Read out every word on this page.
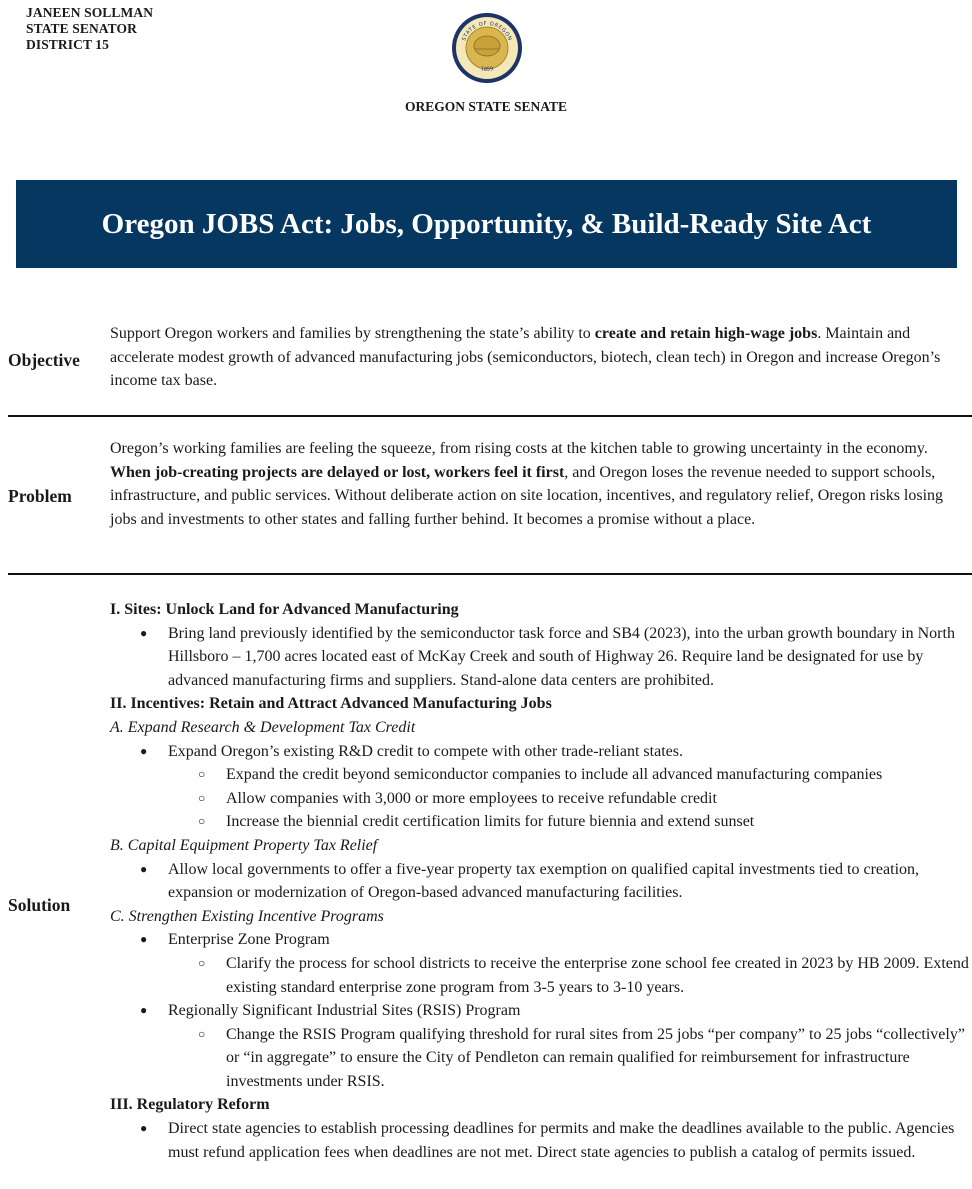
JANEEN SOLLMAN
STATE SENATOR
DISTRICT 15	STATE OF OREGON
1859
OREGON STATE SENATE
Oregon JOBS Act: Jobs, Opportunity, & Build-Ready Site Act
Objective

Support Oregon workers and families by strengthening the state’s ability to create and retain high-wage jobs. Maintain and accelerate modest growth of advanced manufacturing jobs (semiconductors, biotech, clean tech) in Oregon and increase Oregon’s income tax base.

Problem

Oregon’s working families are feeling the squeeze, from rising costs at the kitchen table to growing uncertainty in the economy. When job-creating projects are delayed or lost, workers feel it first, and Oregon loses the revenue needed to support schools, infrastructure, and public services. Without deliberate action on site location, incentives, and regulatory relief, Oregon risks losing jobs and investments to other states and falling further behind. It becomes a promise without a place.

Solution
I. Sites: Unlock Land for Advanced Manufacturing
● Bring land previously identified by the semiconductor task force and SB4 (2023), into the urban growth boundary in North Hillsboro – 1,700 acres located east of McKay Creek and south of Highway 26. Require land be designated for use by advanced manufacturing firms and suppliers. Stand-alone data centers are prohibited.
II. Incentives: Retain and Attract Advanced Manufacturing Jobs
A. Expand Research & Development Tax Credit
● Expand Oregon’s existing R&D credit to compete with other trade-reliant states.
○ Expand the credit beyond semiconductor companies to include all advanced manufacturing companies
○ Allow companies with 3,000 or more employees to receive refundable credit
○ Increase the biennial credit certification limits for future biennia and extend sunset
B. Capital Equipment Property Tax Relief
● Allow local governments to offer a five-year property tax exemption on qualified capital investments tied to creation, expansion or modernization of Oregon-based advanced manufacturing facilities.
C. Strengthen Existing Incentive Programs
● Enterprise Zone Program
○ Clarify the process for school districts to receive the enterprise zone school fee created in 2023 by HB 2009. Extend existing standard enterprise zone program from 3-5 years to 3-10 years.
● Regionally Significant Industrial Sites (RSIS) Program
○ Change the RSIS Program qualifying threshold for rural sites from 25 jobs “per company” to 25 jobs “collectively” or “in aggregate” to ensure the City of Pendleton can remain qualified for reimbursement for infrastructure investments under RSIS.
III. Regulatory Reform
● Direct state agencies to establish processing deadlines for permits and make the deadlines available to the public. Agencies must refund application fees when deadlines are not met. Direct state agencies to publish a catalog of permits issued.
